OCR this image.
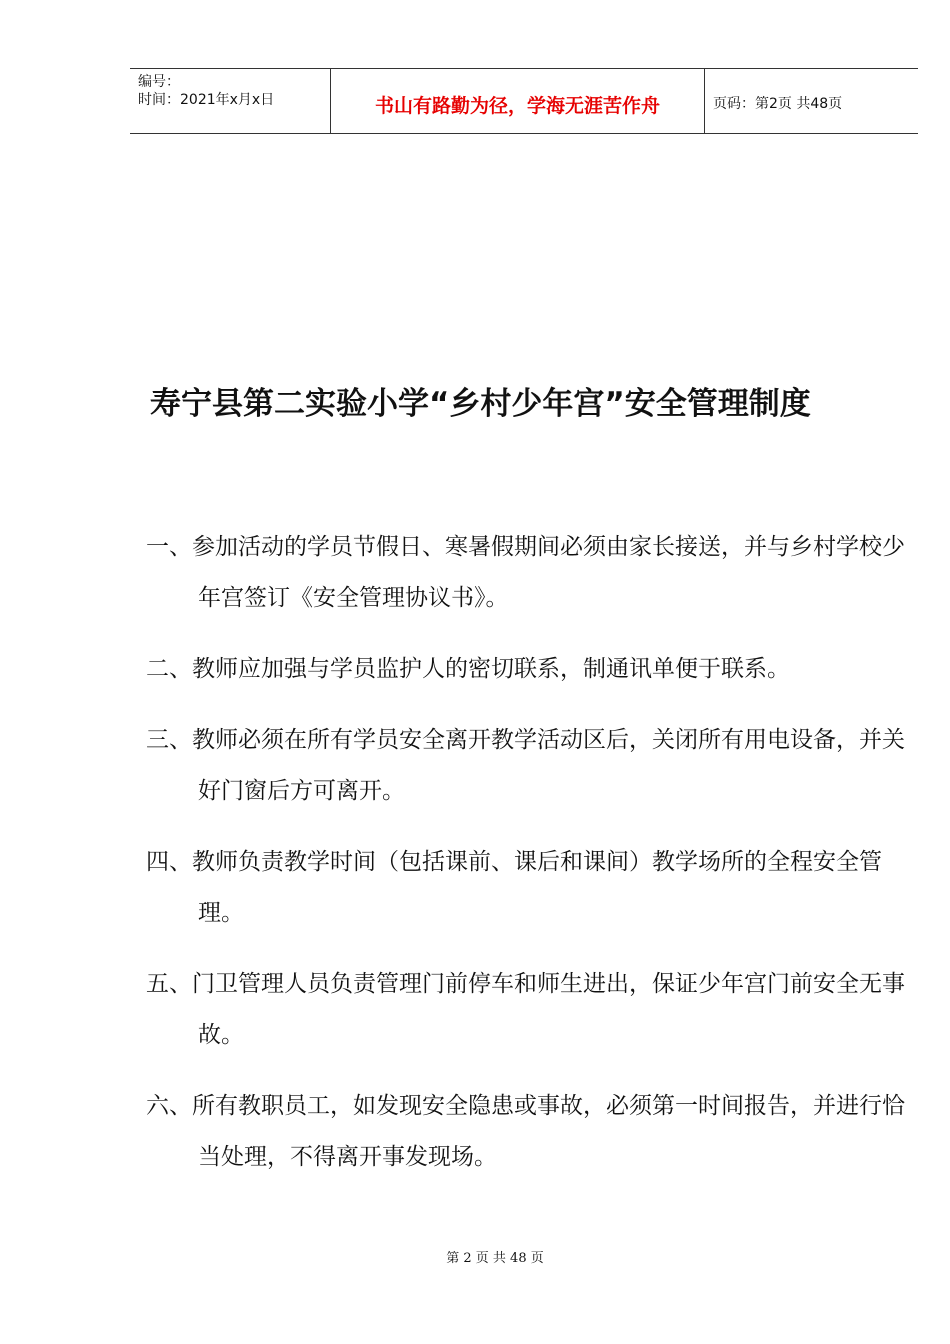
编号：
时间：2021年x月x日	书山有路勤为径，学海无涯苦作舟	页码：第2页 共48页
寿宁县第二实验小学“乡村少年宫”安全管理制度
一、参加活动的学员节假日、寒暑假期间必须由家长接送，并与乡村学校少年宫签订《安全管理协议书》。
二、教师应加强与学员监护人的密切联系，制通讯单便于联系。
三、教师必须在所有学员安全离开教学活动区后，关闭所有用电设备，并关好门窗后方可离开。
四、教师负责教学时间（包括课前、课后和课间）教学场所的全程安全管理。
五、门卫管理人员负责管理门前停车和师生进出，保证少年宫门前安全无事故。
六、所有教职员工，如发现安全隐患或事故，必须第一时间报告，并进行恰当处理，不得离开事发现场。
第 2 页 共 48 页
